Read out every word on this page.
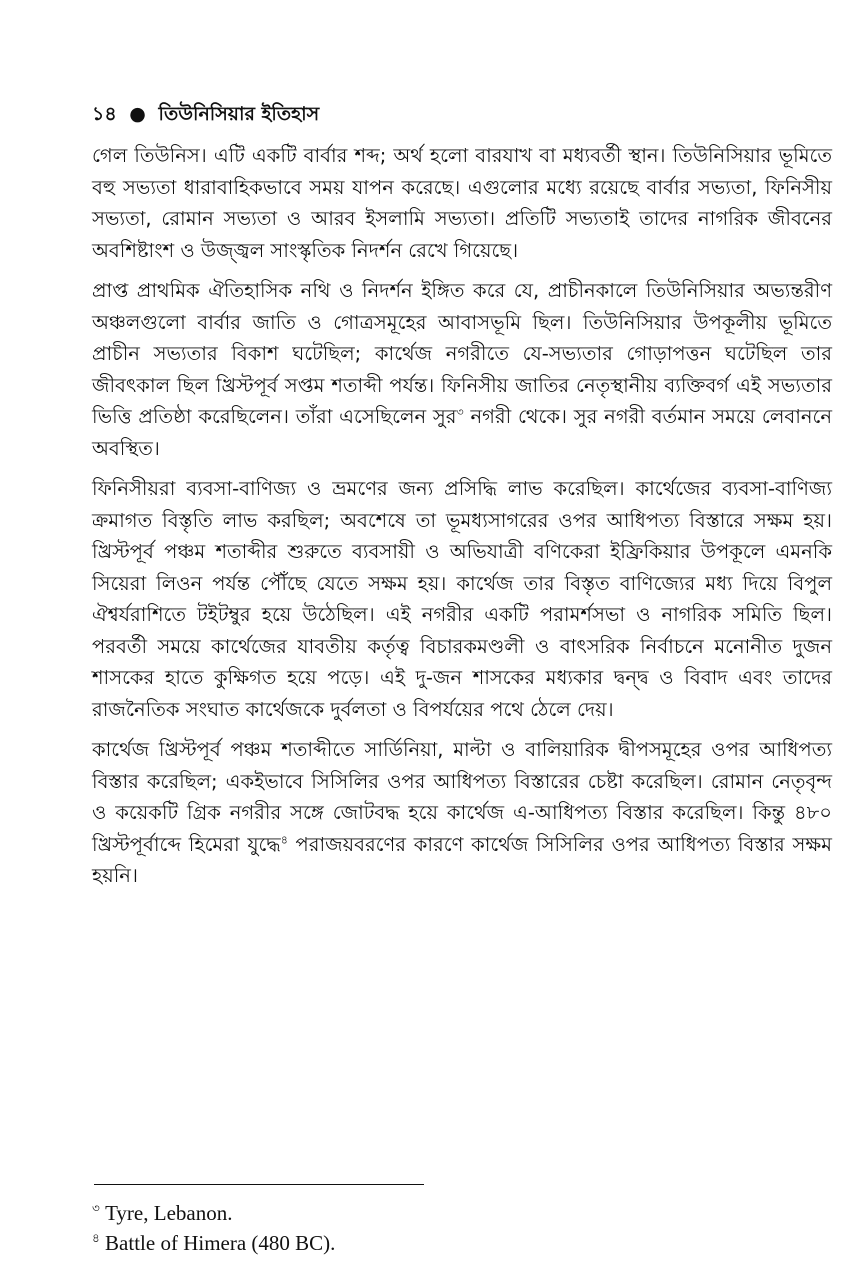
১৪ ● তিউনিসিয়ার ইতিহাস

গেল তিউনিস। এটি একটি বার্বার শব্দ; অর্থ হলো বারযাখ বা মধ্যবর্তী স্থান। তিউনিসিয়ার ভূমিতে বহু সভ্যতা ধারাবাহিকভাবে সময় যাপন করেছে। এগুলোর মধ্যে রয়েছে বার্বার সভ্যতা, ফিনিসীয় সভ্যতা, রোমান সভ্যতা ও আরব ইসলামি সভ্যতা। প্রতিটি সভ্যতাই তাদের নাগরিক জীবনের অবশিষ্টাংশ ও উজ্জ্বল সাংস্কৃতিক নিদর্শন রেখে গিয়েছে।

প্রাপ্ত প্রাথমিক ঐতিহাসিক নথি ও নিদর্শন ইঙ্গিত করে যে, প্রাচীনকালে তিউনিসিয়ার অভ্যন্তরীণ অঞ্চলগুলো বার্বার জাতি ও গোত্রসমূহের আবাসভূমি ছিল। তিউনিসিয়ার উপকূলীয় ভূমিতে প্রাচীন সভ্যতার বিকাশ ঘটেছিল; কার্থেজ নগরীতে যে-সভ্যতার গোড়াপত্তন ঘটেছিল তার জীবৎকাল ছিল খ্রিস্টপূর্ব সপ্তম শতাব্দী পর্যন্ত। ফিনিসীয় জাতির নেতৃস্থানীয় ব্যক্তিবর্গ এই সভ্যতার ভিত্তি প্রতিষ্ঠা করেছিলেন। তাঁরা এসেছিলেন সুর$^৩$ নগরী থেকে। সুর নগরী বর্তমান সময়ে লেবাননে অবস্থিত।

ফিনিসীয়রা ব্যবসা-বাণিজ্য ও ভ্রমণের জন্য প্রসিদ্ধি লাভ করেছিল। কার্থেজের ব্যবসা-বাণিজ্য ক্রমাগত বিস্তৃতি লাভ করছিল; অবশেষে তা ভূমধ্যসাগরের ওপর আধিপত্য বিস্তারে সক্ষম হয়। খ্রিস্টপূর্ব পঞ্চম শতাব্দীর শুরুতে ব্যবসায়ী ও অভিযাত্রী বণিকেরা ইফ্রিকিয়ার উপকূলে এমনকি সিয়েরা লিওন পর্যন্ত পৌঁছে যেতে সক্ষম হয়। কার্থেজ তার বিস্তৃত বাণিজ্যের মধ্য দিয়ে বিপুল ঐশ্বর্যরাশিতে টইটম্বুর হয়ে উঠেছিল। এই নগরীর একটি পরামর্শসভা ও নাগরিক সমিতি ছিল। পরবর্তী সময়ে কার্থেজের যাবতীয় কর্তৃত্ব বিচারকমণ্ডলী ও বাৎসরিক নির্বাচনে মনোনীত দুজন শাসকের হাতে কুক্ষিগত হয়ে পড়ে। এই দু-জন শাসকের মধ্যকার দ্বন্দ্ব ও বিবাদ এবং তাদের রাজনৈতিক সংঘাত কার্থেজকে দুর্বলতা ও বিপর্যয়ের পথে ঠেলে দেয়।

কার্থেজ খ্রিস্টপূর্ব পঞ্চম শতাব্দীতে সার্ডিনিয়া, মাল্টা ও বালিয়ারিক দ্বীপসমূহের ওপর আধিপত্য বিস্তার করেছিল; একইভাবে সিসিলির ওপর আধিপত্য বিস্তারের চেষ্টা করেছিল। রোমান নেতৃবৃন্দ ও কয়েকটি গ্রিক নগরীর সঙ্গে জোটবদ্ধ হয়ে কার্থেজ এ-আধিপত্য বিস্তার করেছিল। কিন্তু ৪৮০ খ্রিস্টপূর্বাব্দে হিমেরা যুদ্ধে$^৪$ পরাজয়বরণের কারণে কার্থেজ সিসিলির ওপর আধিপত্য বিস্তার সক্ষম হয়নি।

$^৩$ Tyre, Lebanon.
$^৪$ Battle of Himera (480 BC).
